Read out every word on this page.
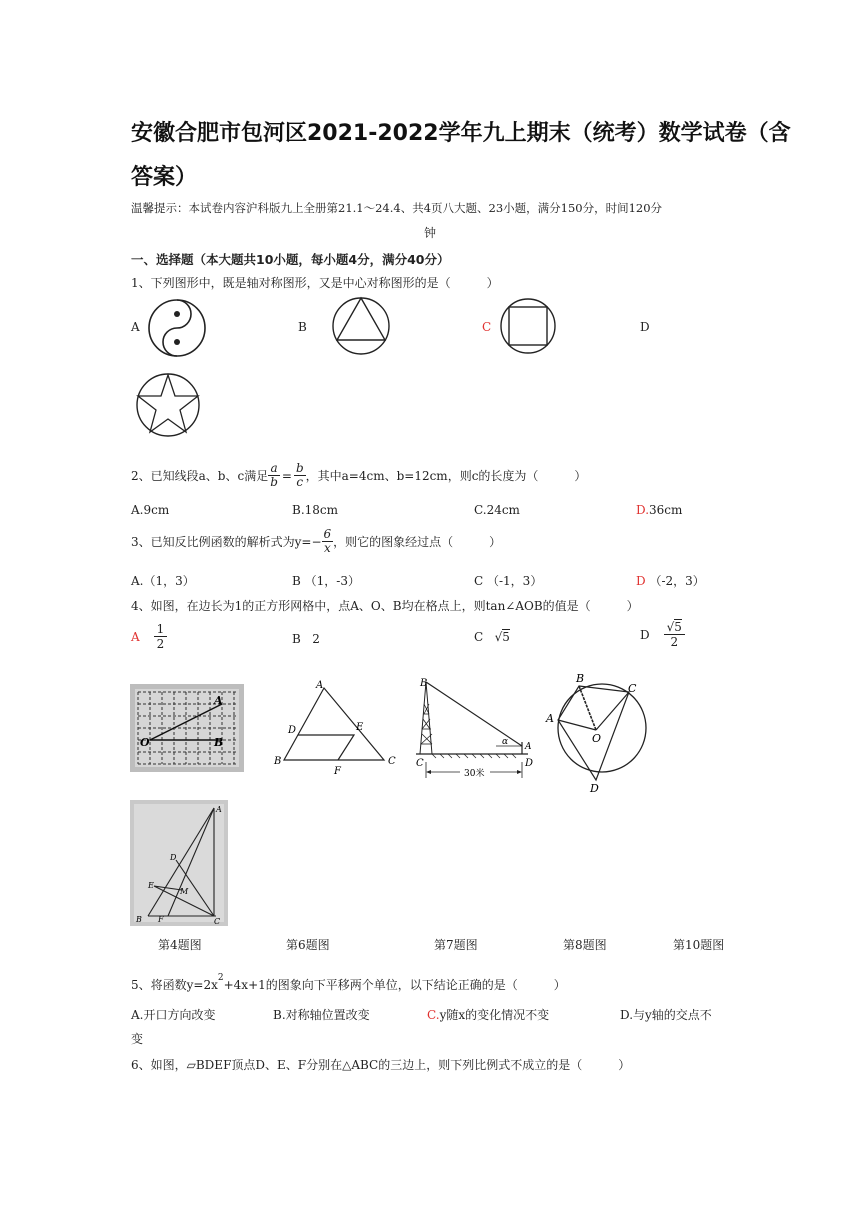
安徽合肥市包河区2021-2022学年九上期末（统考）数学试卷（含
答案）
温馨提示：本试卷内容沪科版九上全册第21.1～24.4、共4页八大题、23小题，满分150分，时间120分
钟
一、选择题（本大题共10小题，每小题4分，满分40分）
1、下列图形中，既是轴对称图形，又是中心对称图形的是（　　　）
A	B	C	D
2、已知线段a、b、c满足 $\frac{a}{b} = \frac{b}{c}$ ，其中a=4cm、b=12cm，则c的长度为（　　　）
A.9cm	B.18cm	C.24cm	D.36cm
3、已知反比例函数的解析式为$y=- \frac{6}{x}$ ，则它的图象经过点（　　　）
A.（1，3）	B （1，-3）	C （-1，3）	D （-2，3）
4、如图，在边长为1的正方形网格中，点A、O、B均在格点上，则tan∠AOB的值是（　　　）
A $\frac{1}{2}$	B 2	C   √5	D $\frac{√5}{2}$
A
O	B
A
D	E
B
F
C
B
α A
C	D
30米
B
C
A
O
D
A
D
E
M
B F	C
第4题图	第6题图	第7题图	第8题图	第10题图
5、将函数$y=2x^2+4x+1$的图象向下平移两个单位，以下结论正确的是（　　　）
A.开口方向改变	B.对称轴位置改变	C.y随x的变化情况不变	D.与y轴的交点不
变
6、如图，▱BDEF顶点D、E、F分别在△ABC的三边上，则下列比例式不成立的是（　　　）
